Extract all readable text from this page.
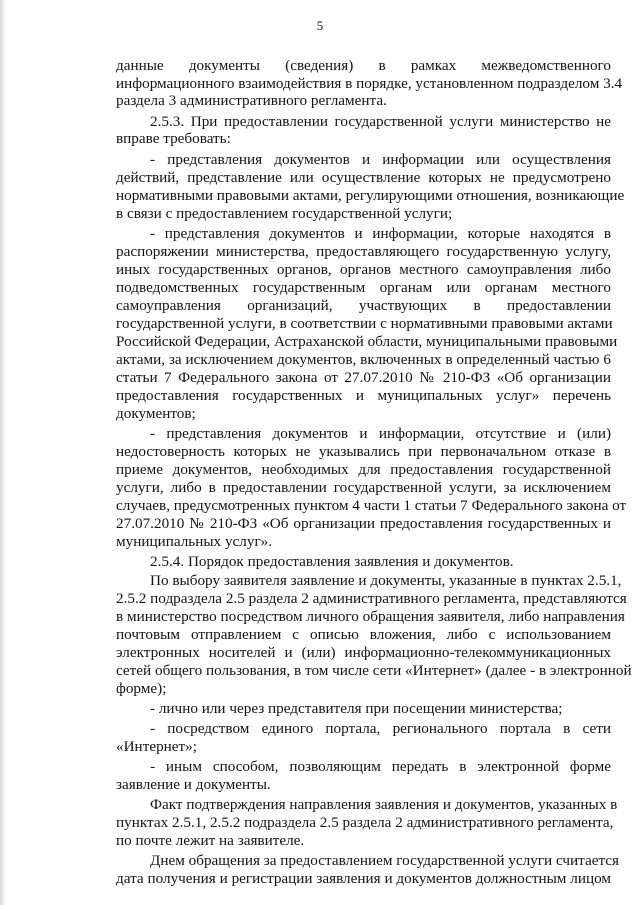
5
данные документы (сведения) в рамках межведомственного
информационного взаимодействия в порядке, установленном подразделом 3.4
раздела 3 административного регламента.
2.5.3. При предоставлении государственной услуги министерство не
вправе требовать:
- представления документов и информации или осуществления
действий, представление или осуществление которых не предусмотрено
нормативными правовыми актами, регулирующими отношения, возникающие
в связи с предоставлением государственной услуги;
- представления документов и информации, которые находятся в
распоряжении министерства, предоставляющего государственную услугу,
иных государственных органов, органов местного самоуправления либо
подведомственных государственным органам или органам местного
самоуправления организаций, участвующих в предоставлении
государственной услуги, в соответствии с нормативными правовыми актами
Российской Федерации, Астраханской области, муниципальными правовыми
актами, за исключением документов, включенных в определенный частью 6
статьи 7 Федерального закона от 27.07.2010 № 210-ФЗ «Об организации
предоставления государственных и муниципальных услуг» перечень
документов;
- представления документов и информации, отсутствие и (или)
недостоверность которых не указывались при первоначальном отказе в
приеме документов, необходимых для предоставления государственной
услуги, либо в предоставлении государственной услуги, за исключением
случаев, предусмотренных пунктом 4 части 1 статьи 7 Федерального закона от
27.07.2010 № 210-ФЗ «Об организации предоставления государственных и
муниципальных услуг».
2.5.4. Порядок предоставления заявления и документов.
По выбору заявителя заявление и документы, указанные в пунктах 2.5.1,
2.5.2 подраздела 2.5 раздела 2 административного регламента, представляются
в министерство посредством личного обращения заявителя, либо направления
почтовым отправлением с описью вложения, либо с использованием
электронных носителей и (или) информационно-телекоммуникационных
сетей общего пользования, в том числе сети «Интернет» (далее - в электронной
форме);
- лично или через представителя при посещении министерства;
- посредством единого портала, регионального портала в сети
«Интернет»;
- иным способом, позволяющим передать в электронной форме
заявление и документы.
Факт подтверждения направления заявления и документов, указанных в
пунктах 2.5.1, 2.5.2 подраздела 2.5 раздела 2 административного регламента,
по почте лежит на заявителе.
Днем обращения за предоставлением государственной услуги считается
дата получения и регистрации заявления и документов должностным лицом
